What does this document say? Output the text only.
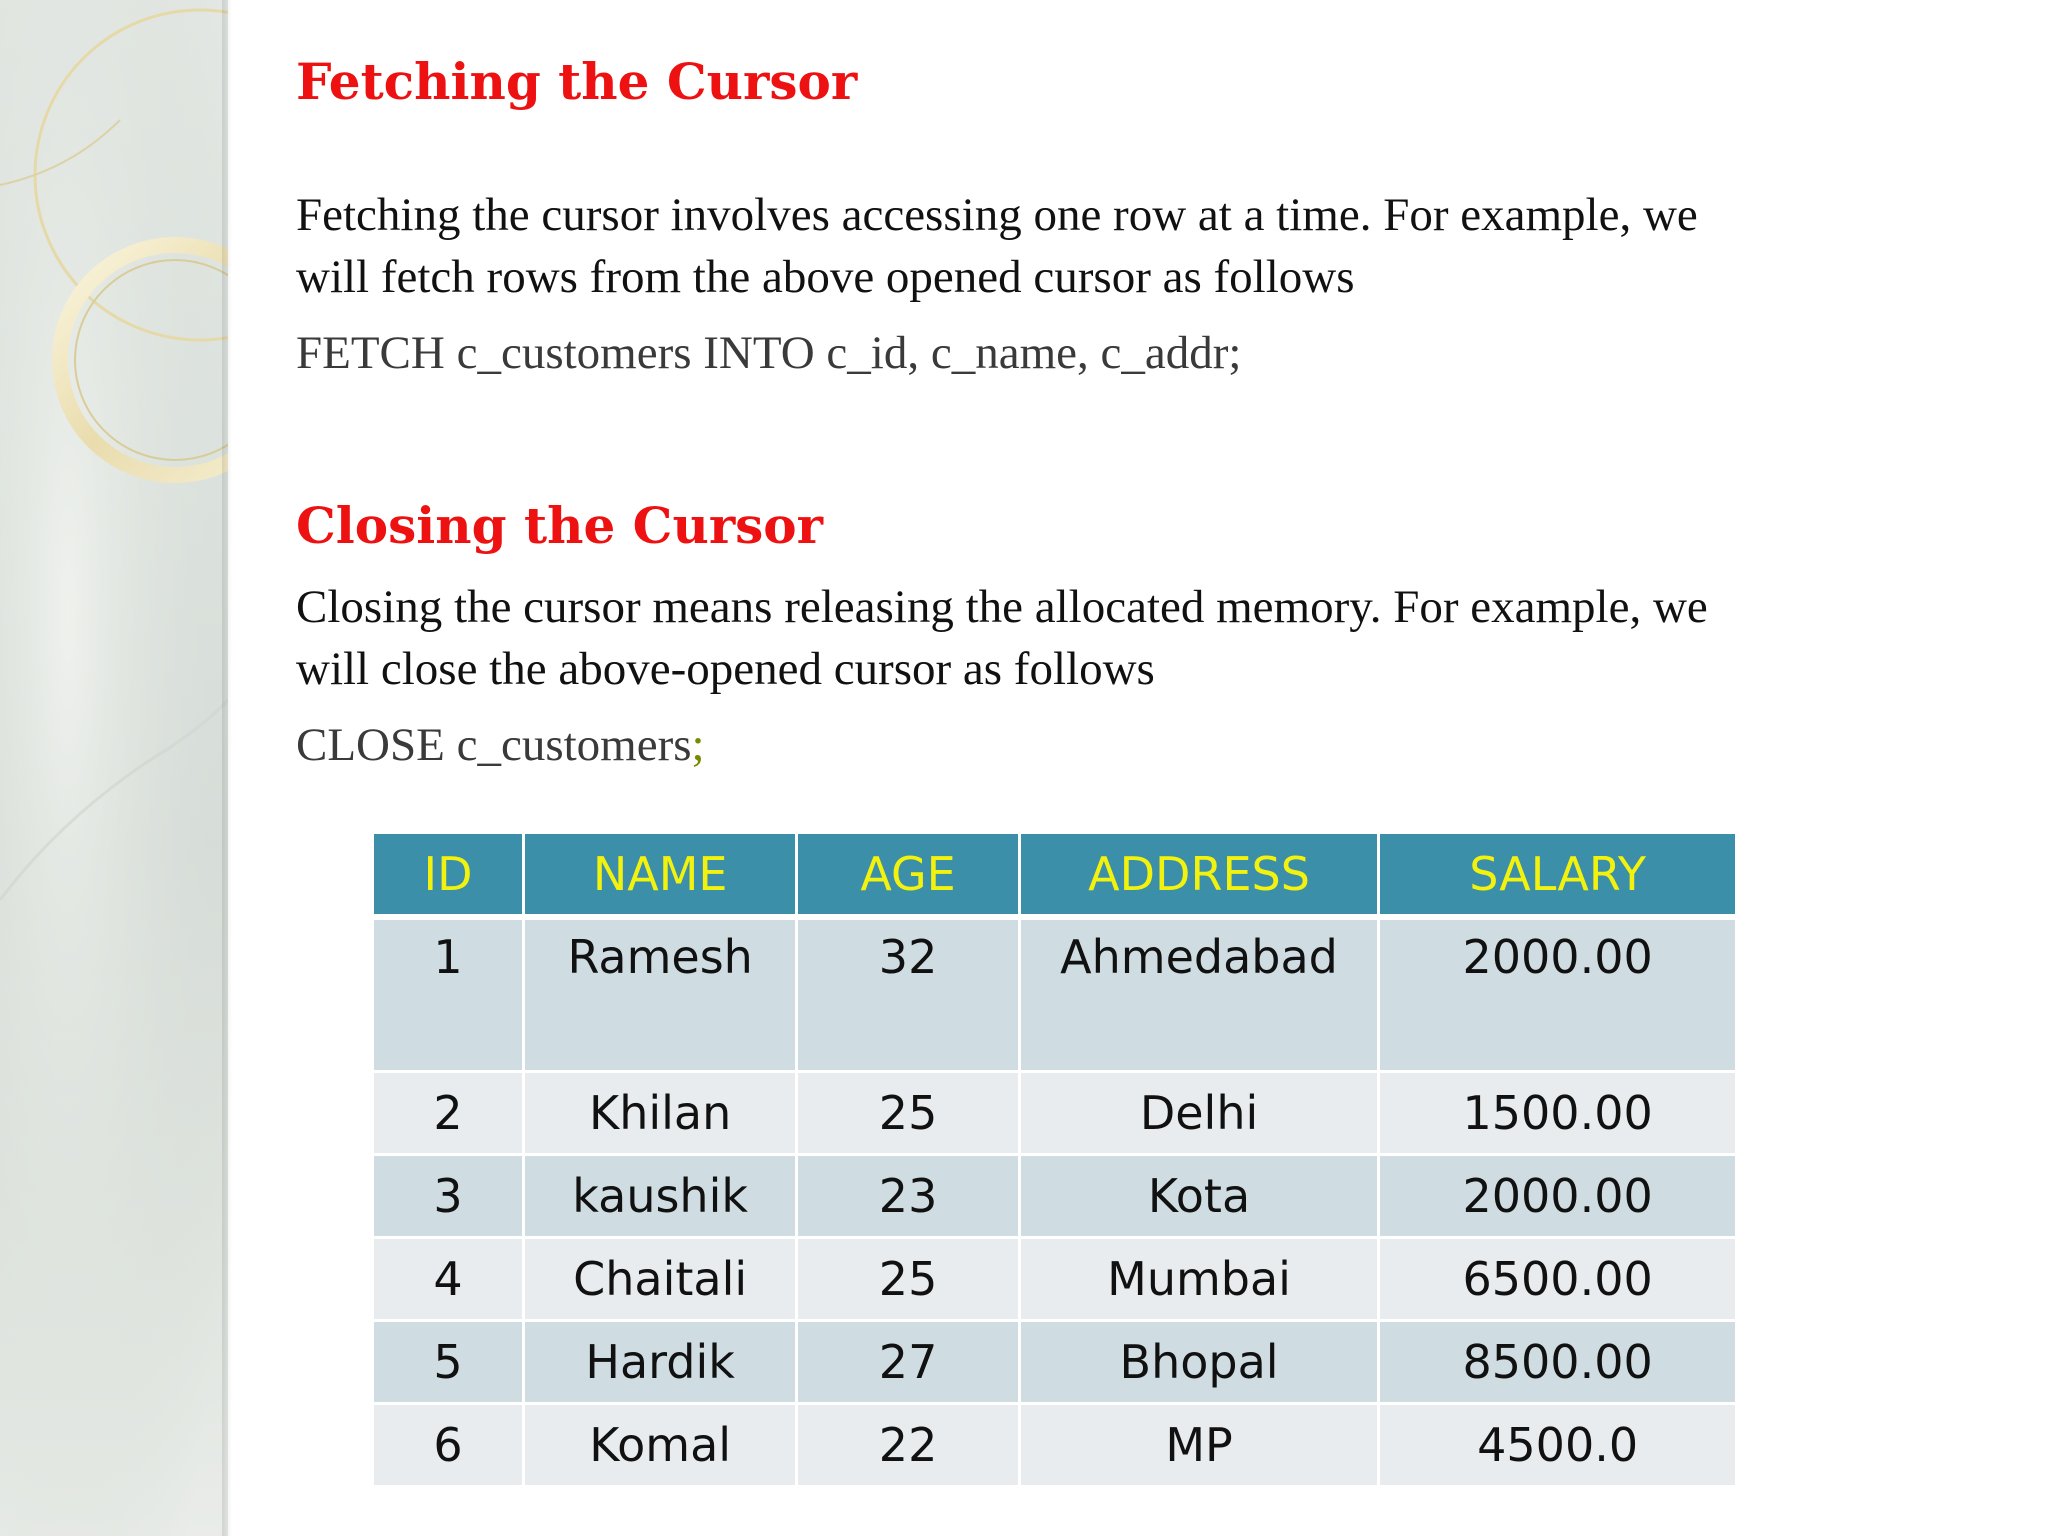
Fetching the Cursor

Fetching the cursor involves accessing one row at a time. For example, we
will fetch rows from the above opened cursor as follows

FETCH c_customers INTO c_id, c_name, c_addr;

Closing the Cursor

Closing the cursor means releasing the allocated memory. For example, we
will close the above-opened cursor as follows

CLOSE c_customers;

ID	NAME	AGE	ADDRESS	SALARY
1	Ramesh	32	Ahmedabad	2000.00
2	Khilan	25	Delhi	1500.00
3	kaushik	23	Kota	2000.00
4	Chaitali	25	Mumbai	6500.00
5	Hardik	27	Bhopal	8500.00
6	Komal	22	MP	4500.0
